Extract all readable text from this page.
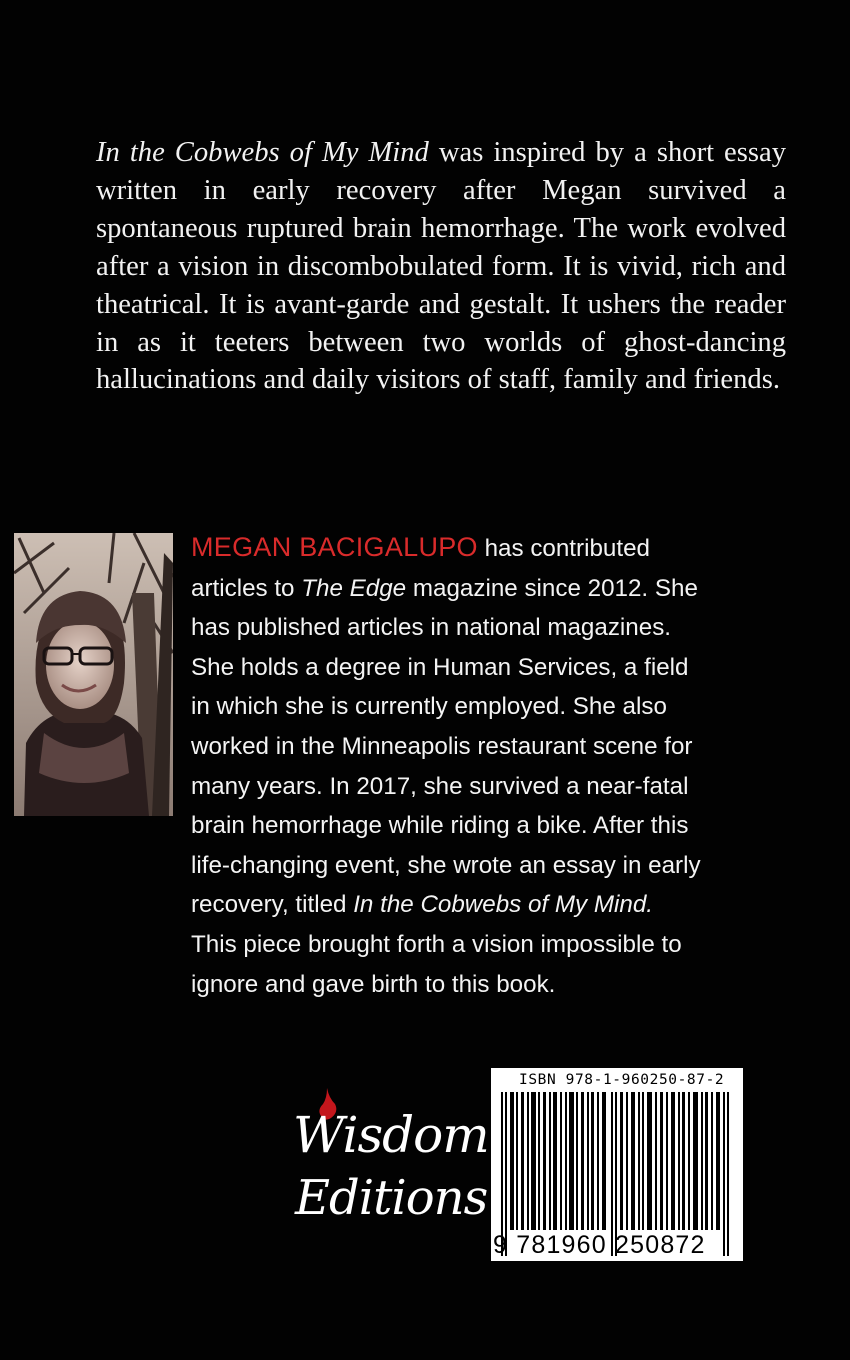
In the Cobwebs of My Mind was inspired by a short essay written in early recovery after Megan survived a spontaneous ruptured brain hemorrhage. The work evolved after a vision in discombobulated form. It is vivid, rich and theatrical. It is avant-garde and gestalt. It ushers the reader in as it teeters between two worlds of ghost-dancing hallucinations and daily visitors of staff, family and friends.
MEGAN BACIGALUPO has contributed
articles to The Edge magazine since 2012. She
has published articles in national magazines.
She holds a degree in Human Services, a field
in which she is currently employed. She also
worked in the Minneapolis restaurant scene for
many years. In 2017, she survived a near-fatal
brain hemorrhage while riding a bike. After this
life-changing event, she wrote an essay in early
recovery, titled In the Cobwebs of My Mind.
This piece brought forth a vision impossible to
ignore and gave birth to this book.
Wisdom
Editions
ISBN 978-1-960250-87-2
9 781960 250872
